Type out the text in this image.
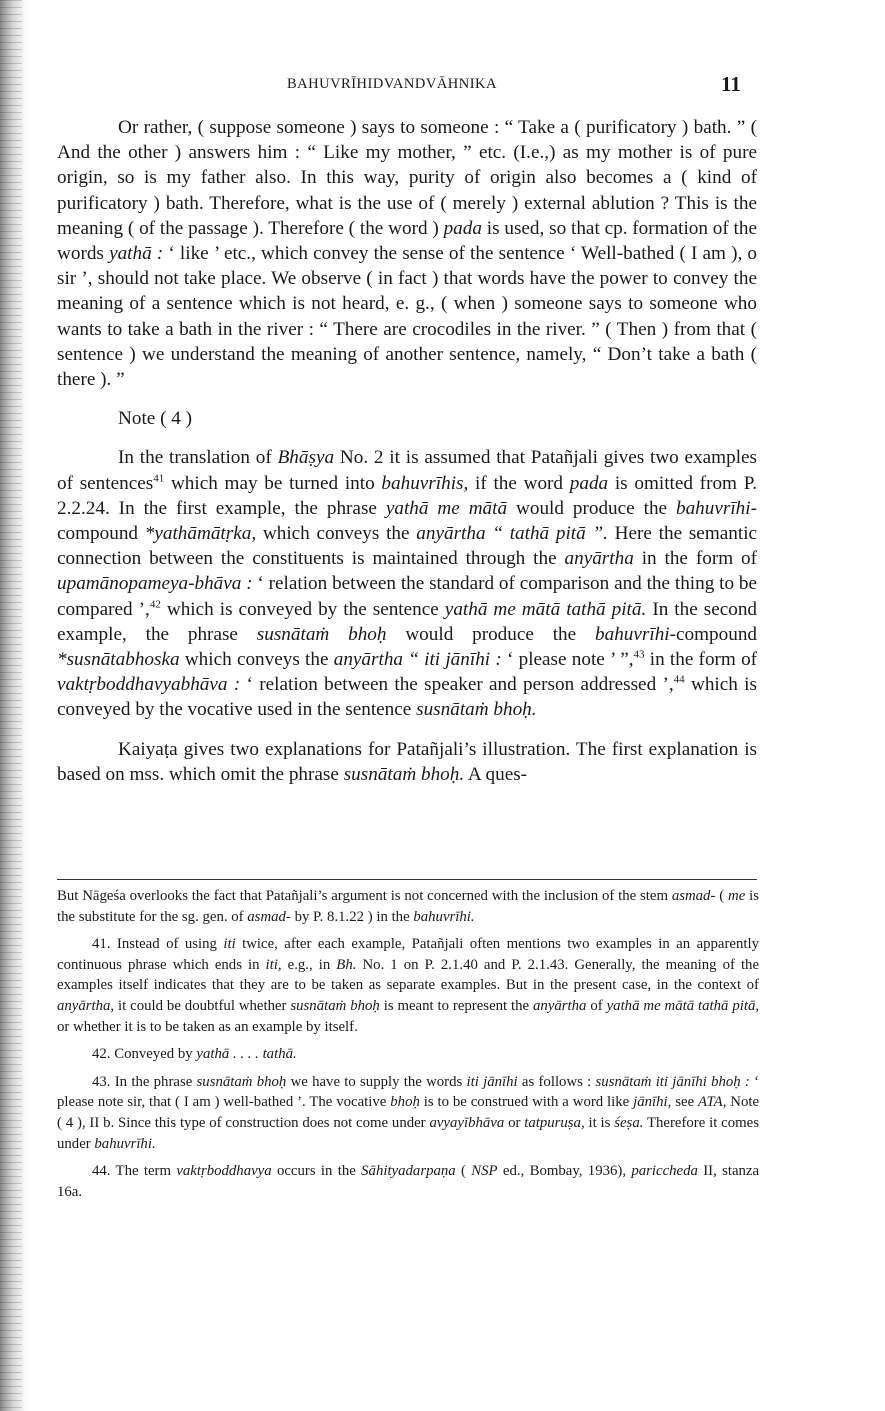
BAHUVRĪHIDVANDVĀHNIKA	11

Or rather, ( suppose someone ) says to someone : “ Take a ( purificatory ) bath. ” ( And the other ) answers him : “ Like my mother, ” etc. (I.e.,) as my mother is of pure origin, so is my father also. In this way, purity of origin also becomes a ( kind of purificatory ) bath. Therefore, what is the use of ( merely ) external ablution ? This is the meaning ( of the passage ). Therefore ( the word ) pada is used, so that cp. formation of the words yathā : ‘ like ’ etc., which convey the sense of the sentence ‘ Well-bathed ( I am ), o sir ’, should not take place. We observe ( in fact ) that words have the power to convey the meaning of a sentence which is not heard, e. g., ( when ) someone says to someone who wants to take a bath in the river : “ There are crocodiles in the river. ” ( Then ) from that ( sentence ) we understand the meaning of another sentence, namely, “ Don’t take a bath ( there ). ”

Note ( 4 )

In the translation of Bhāṣya No. 2 it is assumed that Patañjali gives two examples of sentences$^{41}$ which may be turned into bahuvrīhis, if the word pada is omitted from P. 2.2.24. In the first example, the phrase yathā me mātā would produce the bahuvrīhi-compound *yathāmātṛka, which conveys the anyārtha “ tathā pitā ”. Here the semantic connection between the constituents is maintained through the anyārtha in the form of upamānopameya-bhāva : ‘ relation between the standard of comparison and the thing to be compared ’,$^{42}$ which is conveyed by the sentence yathā me mātā tathā pitā. In the second example, the phrase susnātaṁ bhoḥ would produce the bahuvrīhi-compound *susnātabhoska which conveys the anyārtha “ iti jānīhi : ‘ please note ’ ”,$^{43}$ in the form of vaktṛboddhavyabhāva : ‘ relation between the speaker and person addressed ’,$^{44}$ which is conveyed by the vocative used in the sentence susnātaṁ bhoḥ.

Kaiyaṭa gives two explanations for Patañjali’s illustration. The first explanation is based on mss. which omit the phrase susnātaṁ bhoḥ. A ques-

But Nāgeśa overlooks the fact that Patañjali’s argument is not concerned with the inclusion of the stem asmad- ( me is the substitute for the sg. gen. of asmad- by P. 8.1.22 ) in the bahuvrīhi.

41. Instead of using iti twice, after each example, Patañjali often mentions two examples in an apparently continuous phrase which ends in iti, e.g., in Bh. No. 1 on P. 2.1.40 and P. 2.1.43. Generally, the meaning of the examples itself indicates that they are to be taken as separate examples. But in the present case, in the context of anyārtha, it could be doubtful whether susnātaṁ bhoḥ is meant to represent the anyārtha of yathā me mātā tathā pitā, or whether it is to be taken as an example by itself.

42. Conveyed by yathā . . . . tathā.

43. In the phrase susnātaṁ bhoḥ we have to supply the words iti jānīhi as follows : susnātaṁ iti jānīhi bhoḥ : ‘ please note sir, that ( I am ) well-bathed ’. The vocative bhoḥ is to be construed with a word like jānīhi, see ATA, Note ( 4 ), II b. Since this type of construction does not come under avyayībhāva or tatpuruṣa, it is śeṣa. Therefore it comes under bahuvrīhi.

44. The term vaktṛboddhavya occurs in the Sāhityadarpaṇa ( NSP ed., Bombay, 1936), pariccheda II, stanza 16a.
